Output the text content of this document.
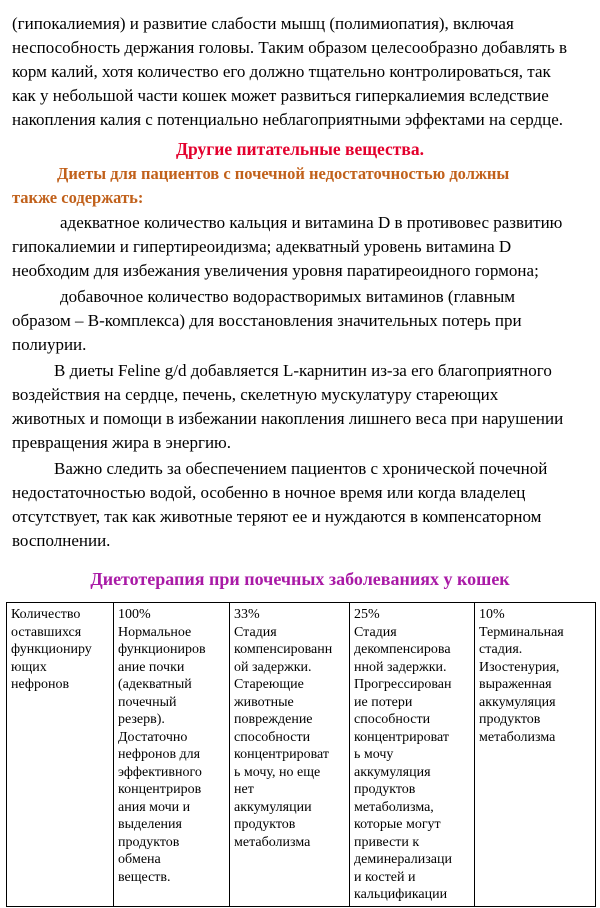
(гипокалиемия) и развитие слабости мышц (полимиопатия), включая
неспособность держания головы. Таким образом целесообразно добавлять в
корм калий, хотя количество его должно тщательно контролироваться, так
как у небольшой части кошек может развиться гиперкалиемия вследствие
накопления калия с потенциально неблагоприятными эффектами на сердце.
Другие питательные вещества.
Диеты для пациентов с почечной недостаточностью должны
также содержать:
адекватное количество кальция и витамина D в противовес развитию
гипокалиемии и гипертиреоидизма; адекватный уровень витамина D
необходим для избежания увеличения уровня паратиреоидного гормона;
добавочное количество водорастворимых витаминов (главным
образом – В-комплекса) для восстановления значительных потерь при
полиурии.
В диеты Feline g/d добавляется L-карнитин из-за его благоприятного
воздействия на сердце, печень, скелетную мускулатуру стареющих
животных и помощи в избежании накопления лишнего веса при нарушении
превращения жира в энергию.
Важно следить за обеспечением пациентов с хронической почечной
недостаточностью водой, особенно в ночное время или когда владелец
отсутствует, так как животные теряют ее и нуждаются в компенсаторном
восполнении.
Диетотерапия при почечных заболеваниях у кошек
Количество
оставшихся
функциониру
ющих
нефронов

100%
Нормальное
функциониров
ание почки
(адекватный
почечный
резерв).
Достаточно
нефронов для
эффективного
концентриров
ания мочи и
выделения
продуктов
обмена
веществ.

33%
Стадия
компенсированн
ой задержки.
Стареющие
животные
повреждение
способности
концентрироват
ь мочу, но еще
нет
аккумуляции
продуктов
метаболизма

25%
Стадия
декомпенсирова
нной задержки.
Прогрессирован
ие потери
способности
концентрироват
ь мочу
аккумуляция
продуктов
метаболизма,
которые могут
привести к
деминерализаци
и костей и
кальцификации

10%
Терминальная
стадия.
Изостенурия,
выраженная
аккумуляция
продуктов
метаболизма
